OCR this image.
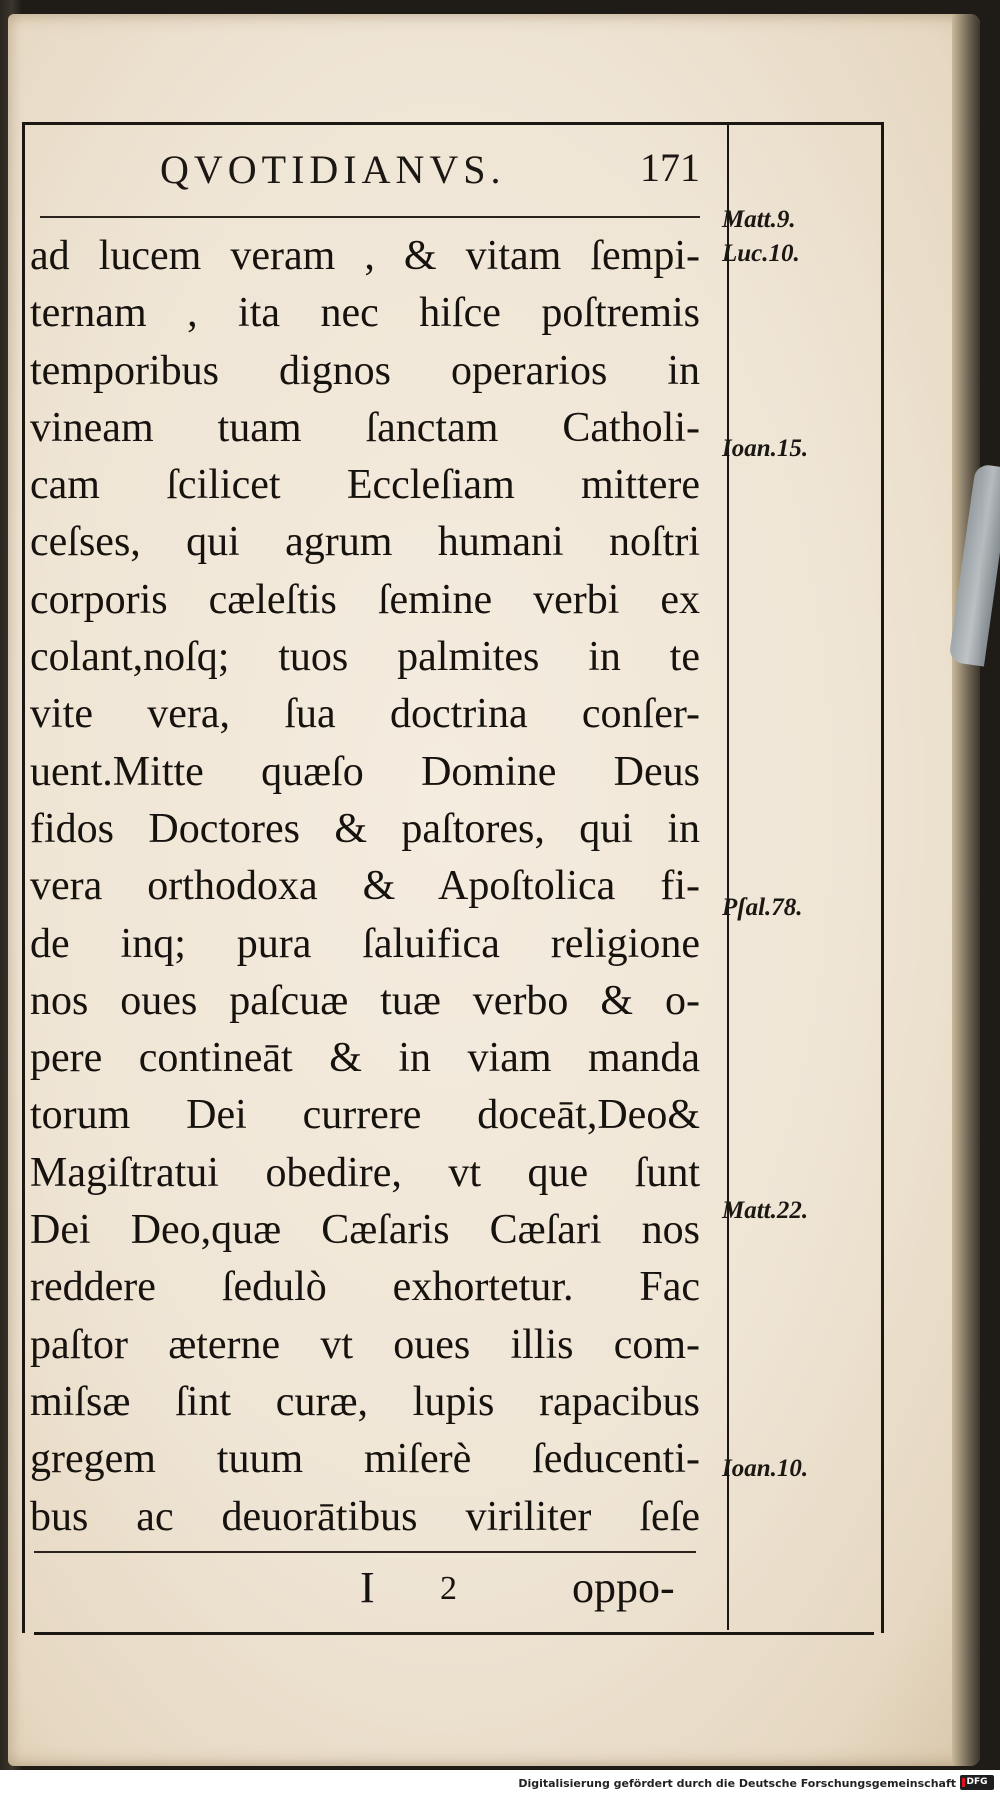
QVOTIDIANVS.	171
ad lucem veram , & vitam ſempi-
ternam , ita nec hiſce poſtremis
temporibus dignos operarios in
vineam tuam ſanctam Catholi-
cam ſcilicet Eccleſiam mittere
ceſses, qui agrum humani noſtri
corporis cæleſtis ſemine verbi ex
colant,noſq; tuos palmites in te
vite vera, ſua doctrina conſer-
uent.Mitte quæſo Domine Deus
fidos Doctores & paſtores, qui in
vera orthodoxa & Apoſtolica fi-
de inq; pura ſaluifica religione
nos oues paſcuæ tuæ verbo & o-
pere contineāt & in viam manda
torum Dei currere doceāt,Deo&
Magiſtratui obedire, vt que ſunt
Dei Deo,quæ Cæſaris Cæſari nos
reddere ſedulò exhortetur. Fac
paſtor æterne vt oues illis com-
miſsæ ſint curæ, lupis rapacibus
gregem tuum miſerè ſeducenti-
bus ac deuorātibus viriliter ſeſe
Matt.9.
Luc.10.
Ioan.15.
Pſal.78.
Matt.22.
Ioan.10.
I 2	oppo-
Digitalisierung gefördert durch die Deutsche Forschungsgemeinschaft	DFG
